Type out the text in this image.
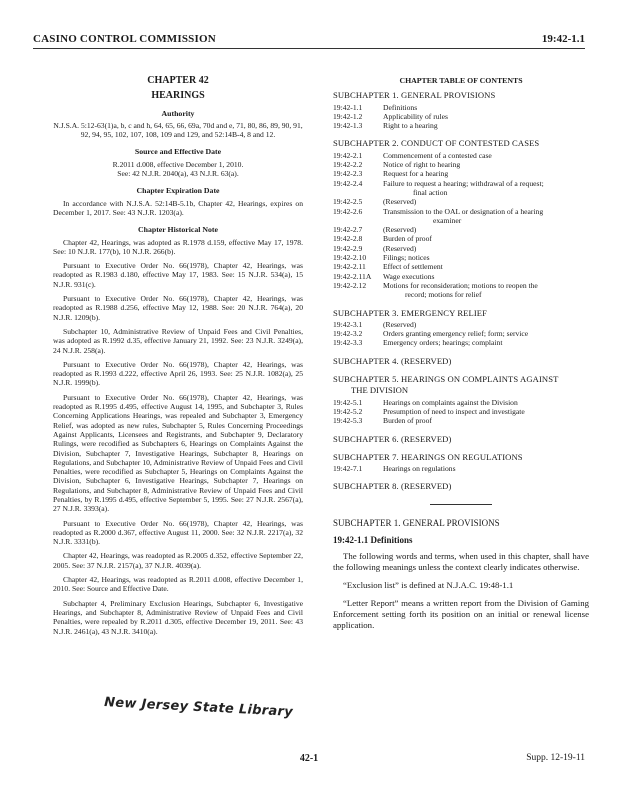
CASINO CONTROL COMMISSION	19:42-1.1

CHAPTER 42

HEARINGS

Authority
N.J.S.A. 5:12-63(1)a, b, c and h, 64, 65, 66, 69a, 70d and e, 71, 80, 86, 89, 90, 91, 92, 94, 95, 102, 107, 108, 109 and 129, and 52:14B-4, 8 and 12.
Source and Effective Date
R.2011 d.008, effective December 1, 2010.
See: 42 N.J.R. 2040(a), 43 N.J.R. 63(a).
Chapter Expiration Date

In accordance with N.J.S.A. 52:14B-5.1b, Chapter 42, Hearings, expires on December 1, 2017. See: 43 N.J.R. 1203(a).

Chapter Historical Note

Chapter 42, Hearings, was adopted as R.1978 d.159, effective May 17, 1978. See: 10 N.J.R. 177(b), 10 N.J.R. 266(b).

Pursuant to Executive Order No. 66(1978), Chapter 42, Hearings, was readopted as R.1983 d.180, effective May 17, 1983. See: 15 N.J.R. 534(a), 15 N.J.R. 931(c).

Pursuant to Executive Order No. 66(1978), Chapter 42, Hearings, was readopted as R.1988 d.256, effective May 12, 1988. See: 20 N.J.R. 764(a), 20 N.J.R. 1209(b).

Subchapter 10, Administrative Review of Unpaid Fees and Civil Penalties, was adopted as R.1992 d.35, effective January 21, 1992. See: 23 N.J.R. 3249(a), 24 N.J.R. 258(a).

Pursuant to Executive Order No. 66(1978), Chapter 42, Hearings, was readopted as R.1993 d.222, effective April 26, 1993. See: 25 N.J.R. 1082(a), 25 N.J.R. 1999(b).

Pursuant to Executive Order No. 66(1978), Chapter 42, Hearings, was readopted as R.1995 d.495, effective August 14, 1995, and Subchapter 3, Rules Concerning Applications Hearings, was repealed and Subchapter 3, Emergency Relief, was adopted as new rules, Subchapter 5, Rules Concerning Proceedings Against Applicants, Licensees and Registrants, and Subchapter 9, Declaratory Rulings, were recodified as Subchapters 6, Hearings on Complaints Against the Division, Subchapter 7, Investigative Hearings, Subchapter 8, Hearings on Regulations, and Subchapter 10, Administrative Review of Unpaid Fees and Civil Penalties, were recodified as Subchapter 5, Hearings on Complaints Against the Division, Subchapter 6, Investigative Hearings, Subchapter 7, Hearings on Regulations, and Subchapter 8, Administrative Review of Unpaid Fees and Civil Penalties, by R.1995 d.495, effective September 5, 1995. See: 27 N.J.R. 2567(a), 27 N.J.R. 3393(a).

Pursuant to Executive Order No. 66(1978), Chapter 42, Hearings, was readopted as R.2000 d.367, effective August 11, 2000. See: 32 N.J.R. 2217(a), 32 N.J.R. 3331(b).

Chapter 42, Hearings, was readopted as R.2005 d.352, effective September 22, 2005. See: 37 N.J.R. 2157(a), 37 N.J.R. 4039(a).

Chapter 42, Hearings, was readopted as R.2011 d.008, effective December 1, 2010. See: Source and Effective Date.

Subchapter 4, Preliminary Exclusion Hearings, Subchapter 6, Investigative Hearings, and Subchapter 8, Administrative Review of Unpaid Fees and Civil Penalties, were repealed by R.2011 d.305, effective December 19, 2011. See: 43 N.J.R. 2461(a), 43 N.J.R. 3410(a).

CHAPTER TABLE OF CONTENTS

SUBCHAPTER 1. GENERAL PROVISIONS
19:42-1.1	Definitions
19:42-1.2	Applicability of rules
19:42-1.3	Right to a hearing
SUBCHAPTER 2. CONDUCT OF CONTESTED CASES
19:42-2.1	Commencement of a contested case
19:42-2.2	Notice of right to hearing
19:42-2.3	Request for a hearing
19:42-2.4	Failure to request a hearing; withdrawal of a request;
final action
19:42-2.5	(Reserved)
19:42-2.6	Transmission to the OAL or designation of a hearing
examiner
19:42-2.7	(Reserved)
19:42-2.8	Burden of proof
19:42-2.9	(Reserved)
19:42-2.10	Filings; notices
19:42-2.11	Effect of settlement
19:42-2.11A	Wage executions
19:42-2.12	Motions for reconsideration; motions to reopen the
record; motions for relief
SUBCHAPTER 3. EMERGENCY RELIEF
19:42-3.1	(Reserved)
19:42-3.2	Orders granting emergency relief; form; service
19:42-3.3	Emergency orders; hearings; complaint
SUBCHAPTER 4. (RESERVED)
SUBCHAPTER 5. HEARINGS ON COMPLAINTS AGAINST
THE DIVISION
19:42-5.1	Hearings on complaints against the Division
19:42-5.2	Presumption of need to inspect and investigate
19:42-5.3	Burden of proof
SUBCHAPTER 6. (RESERVED)
SUBCHAPTER 7. HEARINGS ON REGULATIONS
19:42-7.1	Hearings on regulations
SUBCHAPTER 8. (RESERVED)
SUBCHAPTER 1. GENERAL PROVISIONS
19:42-1.1 Definitions

The following words and terms, when used in this chapter, shall have the following meanings unless the context clearly indicates otherwise.

“Exclusion list” is defined at N.J.A.C. 19:48-1.1

“Letter Report” means a written report from the Division of Gaming Enforcement setting forth its position on an initial or renewal license application.

New Jersey State Library
42-1	Supp. 12-19-11
